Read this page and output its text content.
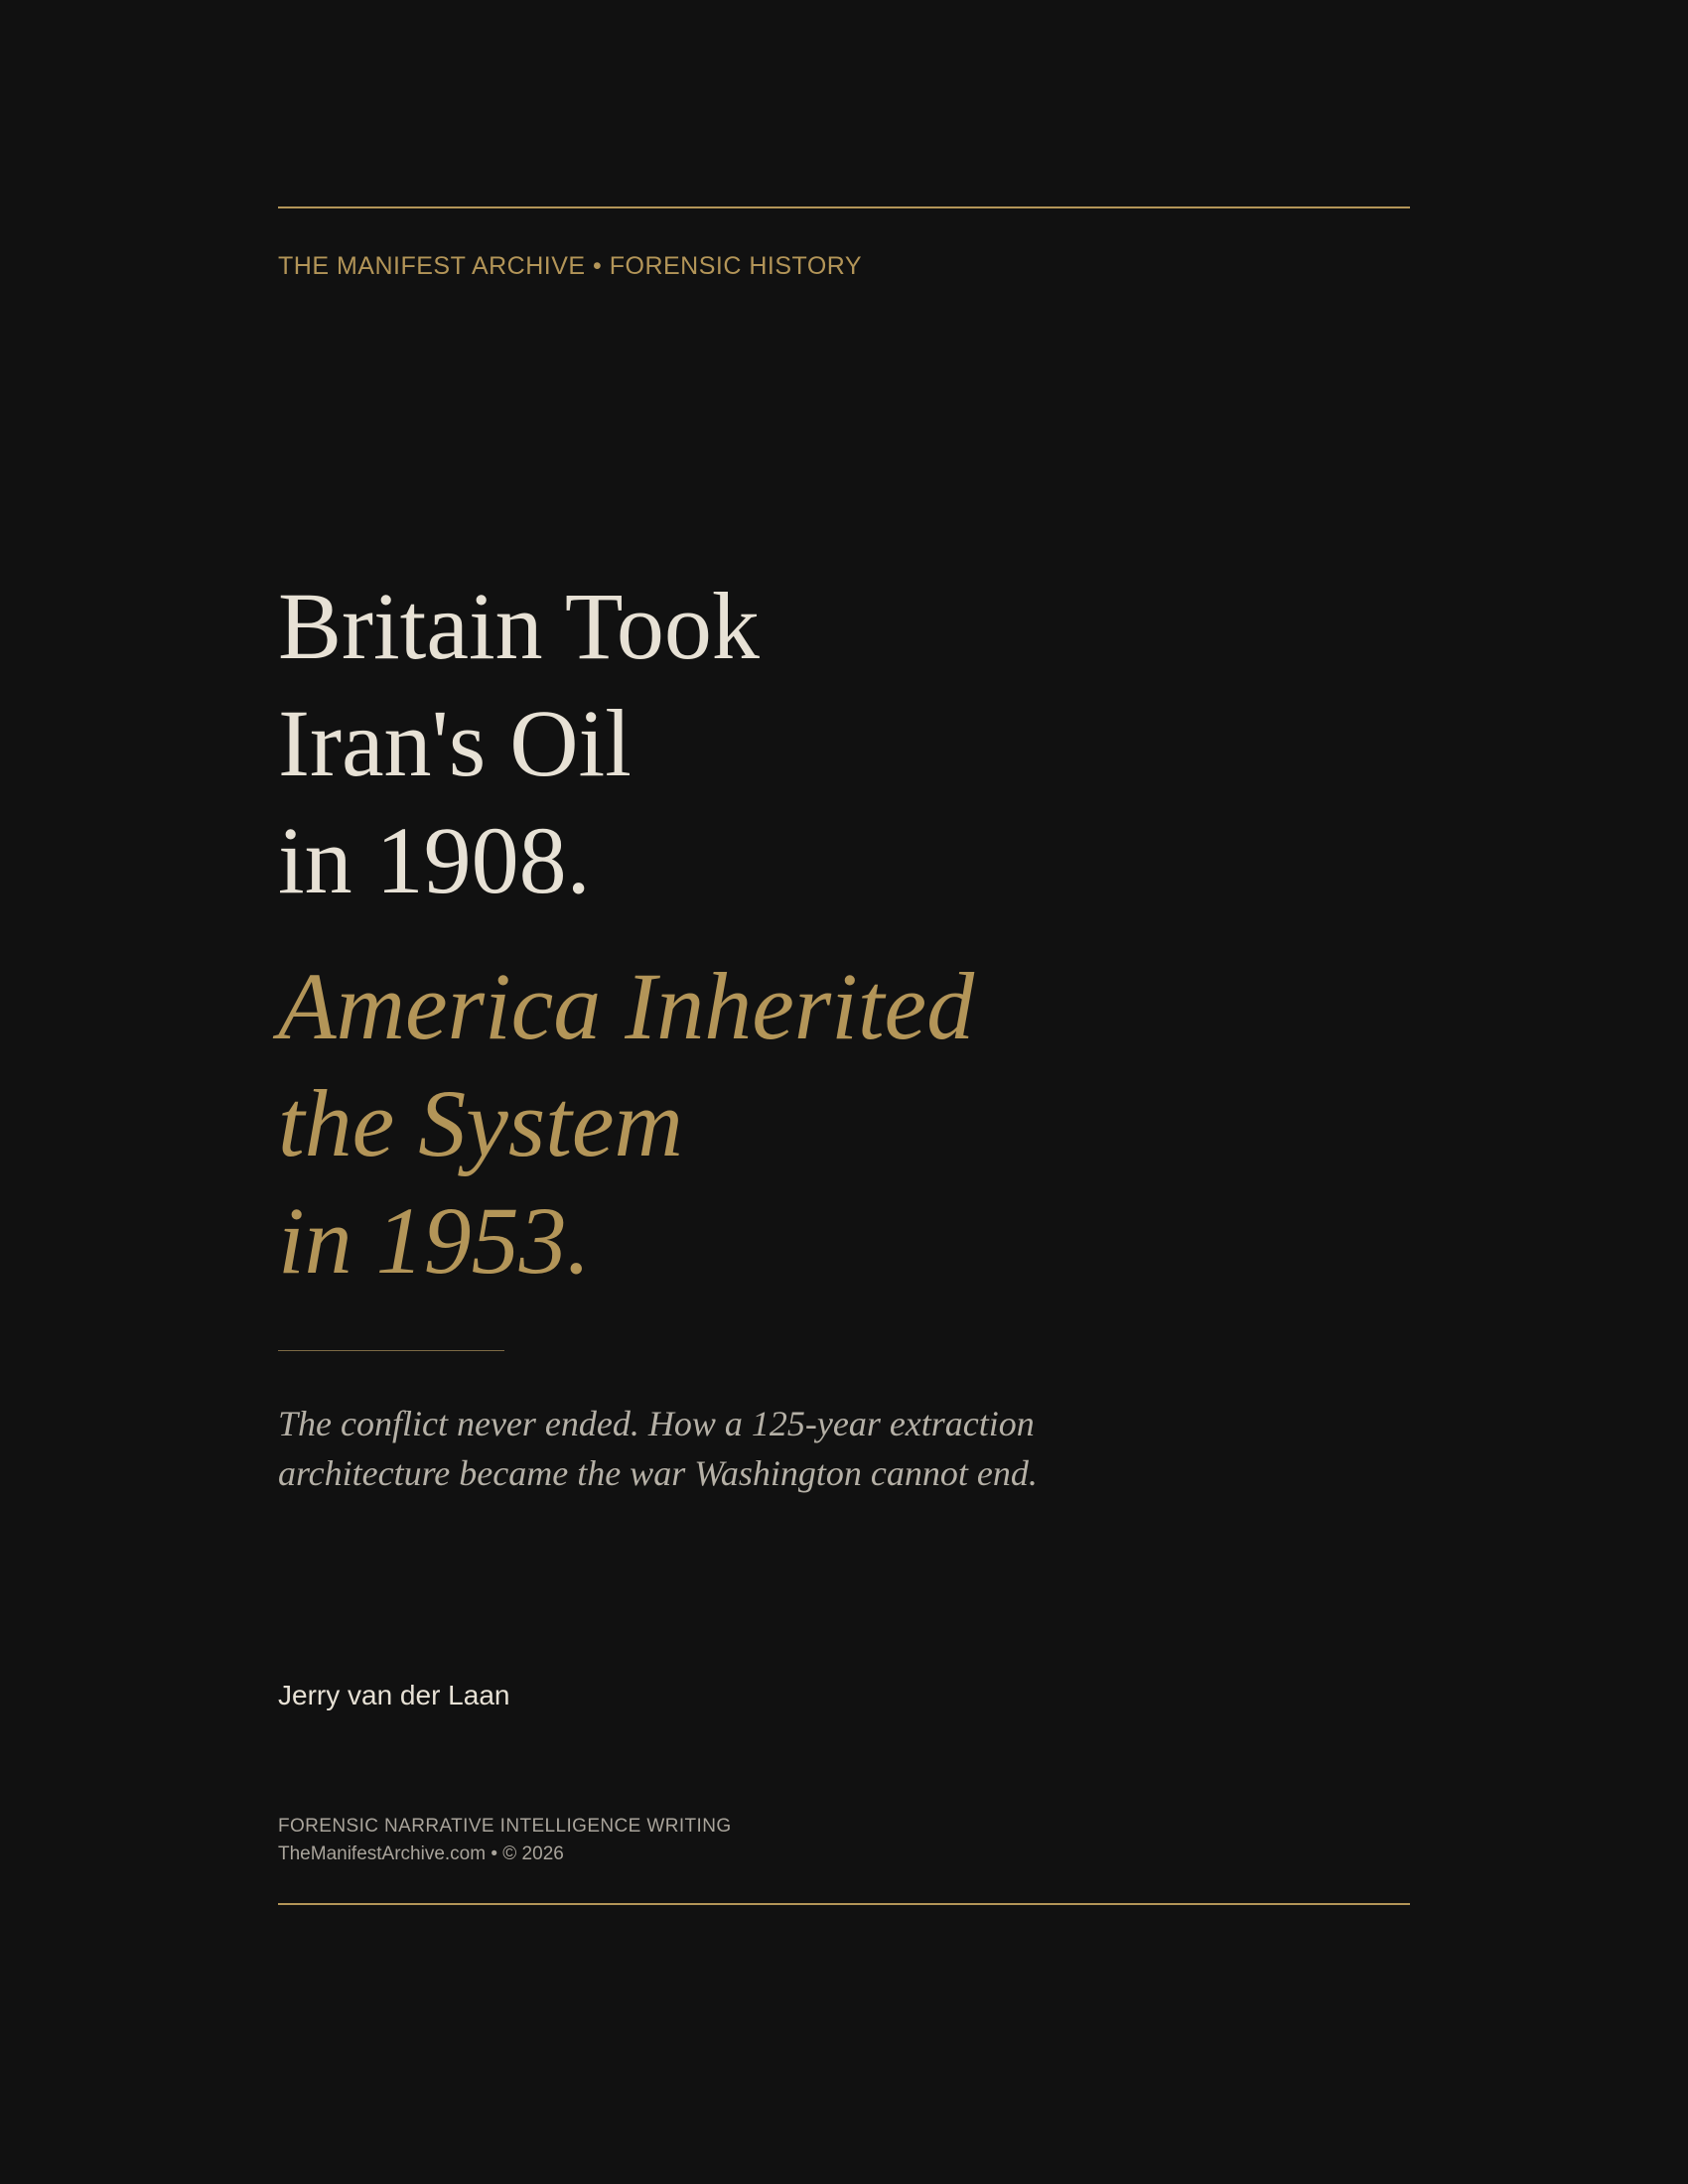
THE MANIFEST ARCHIVE • FORENSIC HISTORY
Britain Took
Iran's Oil
in 1908.
America Inherited
the System
in 1953.
The conflict never ended. How a 125-year extraction
architecture became the war Washington cannot end.
Jerry van der Laan
FORENSIC NARRATIVE INTELLIGENCE WRITING
TheManifestArchive.com • © 2026
